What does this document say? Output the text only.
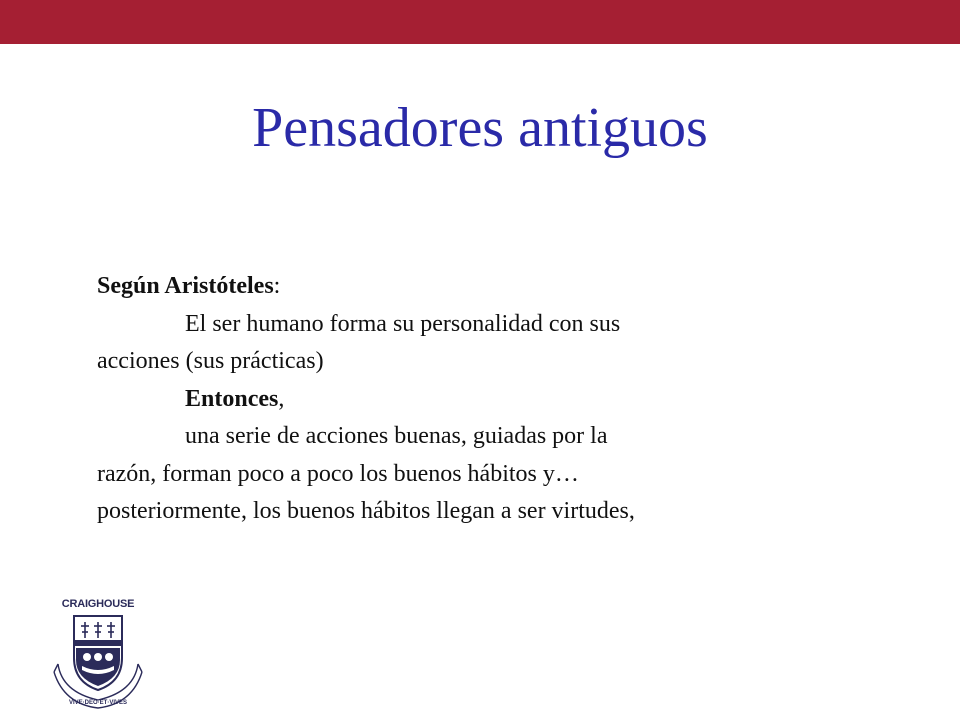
Pensadores antiguos
Según Aristóteles:
El ser humano forma su personalidad con sus
acciones (sus prácticas)
Entonces,
una serie de acciones buenas, guiadas por la
razón, forman poco a poco los buenos hábitos y…
posteriormente, los buenos hábitos llegan a ser virtudes,
CRAIGHOUSE
VIVE·DEO·ET·VIVES
